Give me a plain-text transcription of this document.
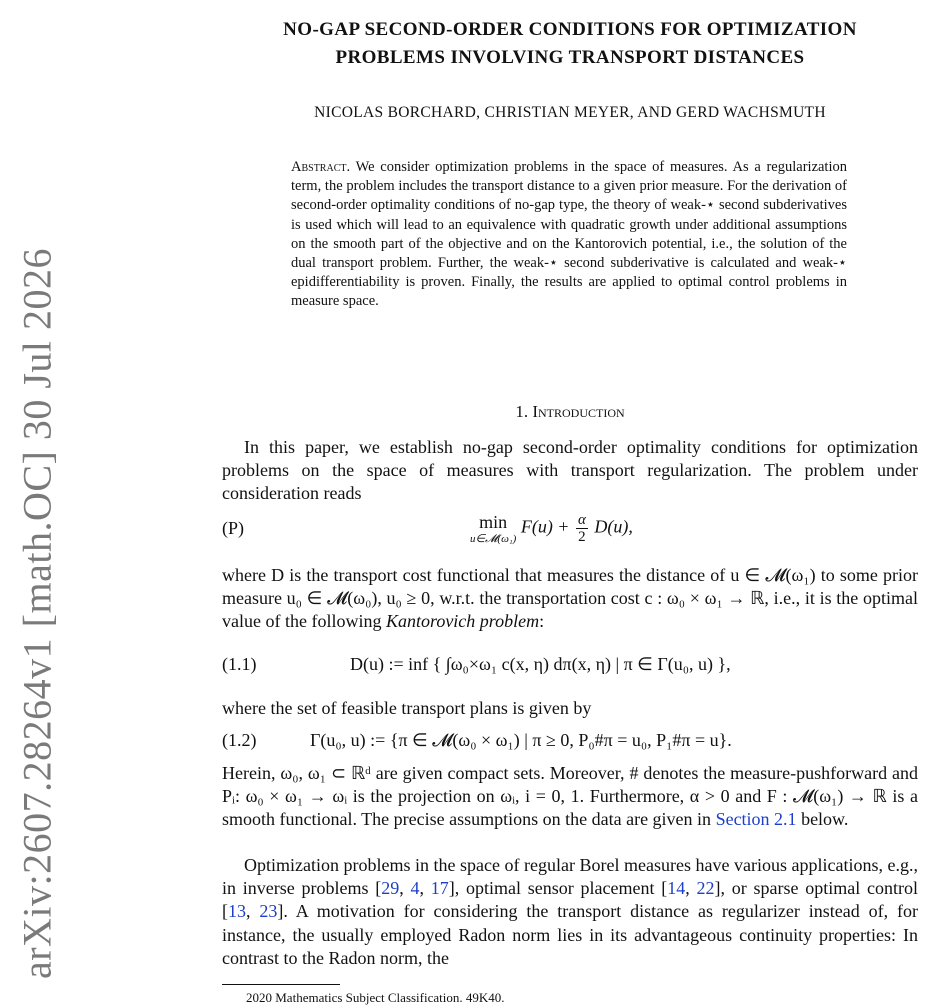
arXiv:2607.28264v1 [math.OC] 30 Jul 2026
NO-GAP SECOND-ORDER CONDITIONS FOR OPTIMIZATION
PROBLEMS INVOLVING TRANSPORT DISTANCES
NICOLAS BORCHARD, CHRISTIAN MEYER, AND GERD WACHSMUTH
Abstract. We consider optimization problems in the space of measures. As a regularization term, the problem includes the transport distance to a given prior measure. For the derivation of second-order optimality conditions of no-gap type, the theory of weak-⋆ second subderivatives is used which will lead to an equivalence with quadratic growth under additional assumptions on the smooth part of the objective and on the Kantorovich potential, i.e., the solution of the dual transport problem. Further, the weak-⋆ second subderivative is calculated and weak-⋆ epidifferentiability is proven. Finally, the results are applied to optimal control problems in measure space.
1. Introduction

In this paper, we establish no-gap second-order optimality conditions for optimization problems on the space of measures with transport regularization. The problem under consideration reads

(P)	min
u∈𝓜(ω₁)
$F(u) + \frac{\alpha}{2} D(u)$,

where D is the transport cost functional that measures the distance of u ∈ 𝓜(ω₁) to some prior measure u₀ ∈ 𝓜(ω₀), u₀ ≥ 0, w.r.t. the transportation cost c : ω₀ × ω₁ → ℝ, i.e., it is the optimal value of the following Kantorovich problem:

(1.1)	D(u) := inf { ∫ω₀×ω₁ c(x, η) dπ(x, η) | π ∈ Γ(u₀, u) },

where the set of feasible transport plans is given by

(1.2)	Γ(u₀, u) := {π ∈ 𝓜(ω₀ × ω₁) | π ≥ 0, P₀#π = u₀, P₁#π = u}.

Herein, ω₀, ω₁ ⊂ ℝᵈ are given compact sets. Moreover, # denotes the measure-pushforward and Pᵢ: ω₀ × ω₁ → ωᵢ is the projection on ωᵢ, i = 0, 1. Furthermore, α > 0 and F : 𝓜(ω₁) → ℝ is a smooth functional. The precise assumptions on the data are given in Section 2.1 below.

Optimization problems in the space of regular Borel measures have various applications, e.g., in inverse problems [29, 4, 17], optimal sensor placement [14, 22], or sparse optimal control [13, 23]. A motivation for considering the transport distance as regularizer instead of, for instance, the usually employed Radon norm lies in its advantageous continuity properties: In contrast to the Radon norm, the

2020 Mathematics Subject Classification. 49K40.
